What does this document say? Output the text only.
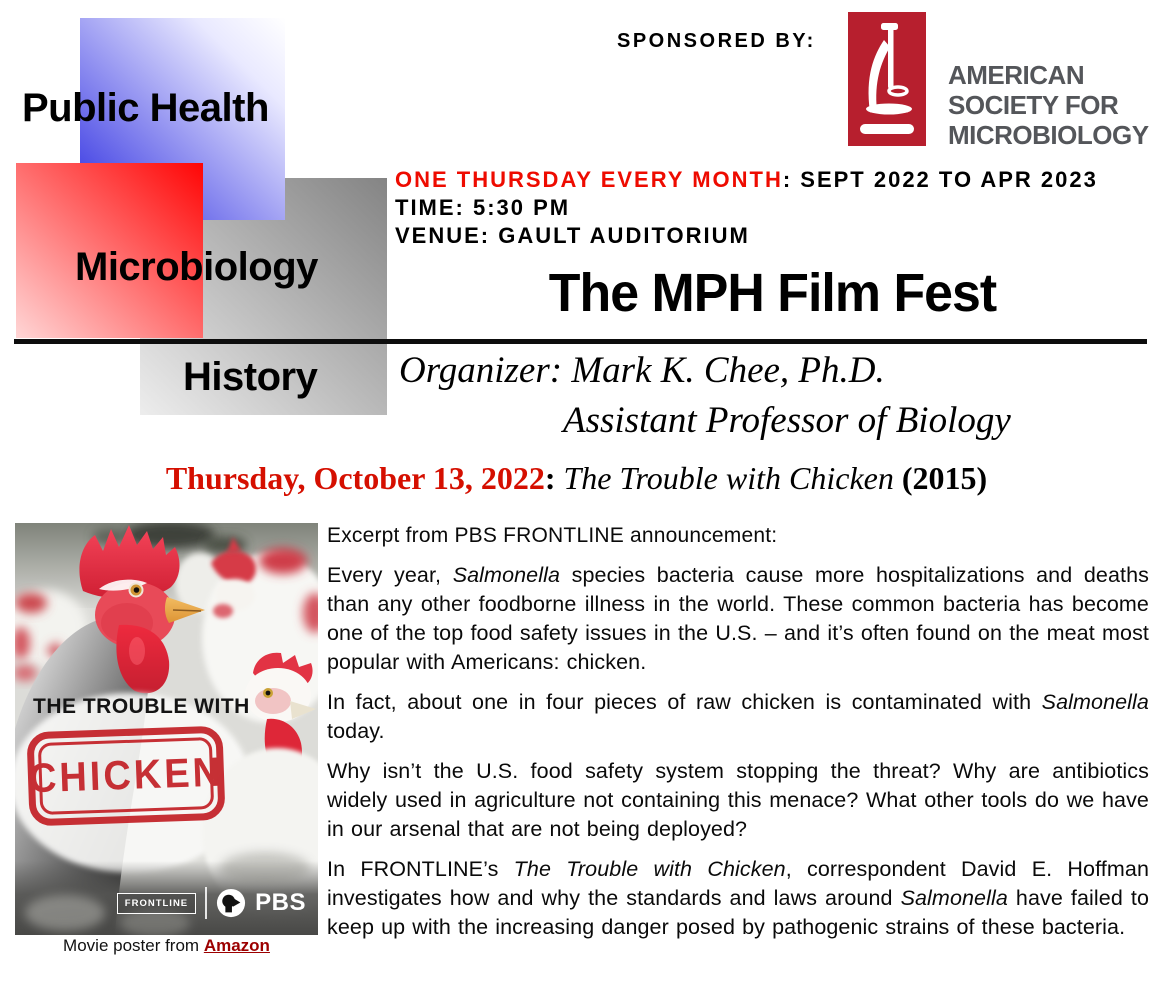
Public Health
Microbiology
History
SPONSORED BY:
AMERICAN
SOCIETY FOR
MICROBIOLOGY
ONE THURSDAY EVERY MONTH: SEPT 2022 TO APR 2023
TIME: 5:30 PM
VENUE: GAULT AUDITORIUM
The MPH Film Fest
Organizer: Mark K. Chee, Ph.D.
Assistant Professor of Biology
Thursday, October 13, 2022: The Trouble with Chicken (2015)
THE TROUBLE WITH
CHICKEN
FRONTLINE	PBS
Movie poster from Amazon

Excerpt from PBS FRONTLINE announcement:

Every year, Salmonella species bacteria cause more hospitalizations and deaths than any other foodborne illness in the world. These common bacteria has become one of the top food safety issues in the U.S. – and it’s often found on the meat most popular with Americans: chicken.

In fact, about one in four pieces of raw chicken is contaminated with Salmonella today.

Why isn’t the U.S. food safety system stopping the threat? Why are antibiotics widely used in agriculture not containing this menace? What other tools do we have in our arsenal that are not being deployed?

In FRONTLINE’s The Trouble with Chicken, correspondent David E. Hoffman investigates how and why the standards and laws around Salmonella have failed to keep up with the increasing danger posed by pathogenic strains of these bacteria.
